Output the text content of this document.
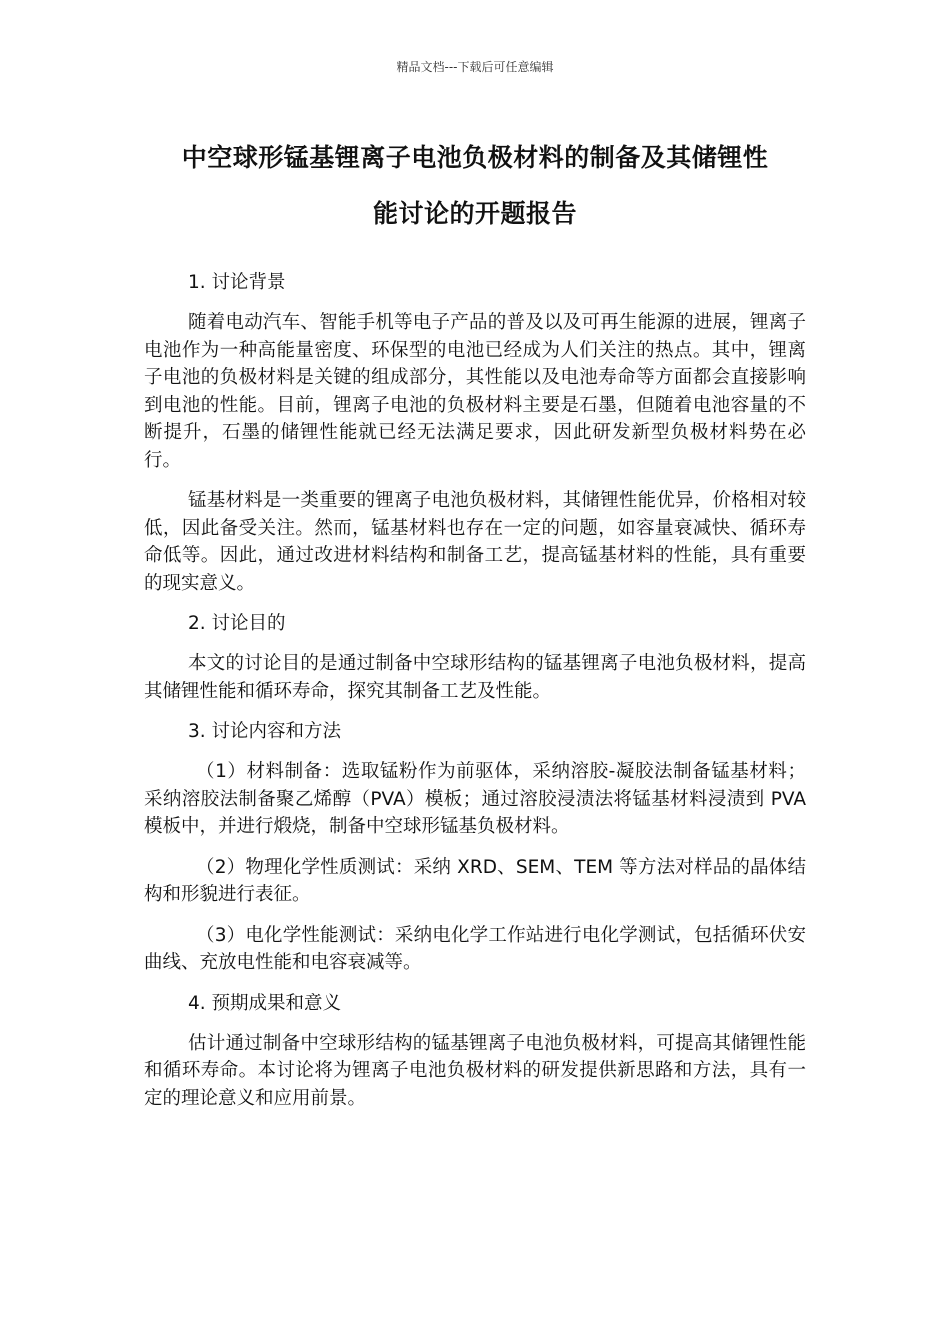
精品文档---下载后可任意编辑
中空球形锰基锂离子电池负极材料的制备及其储锂性
能讨论的开题报告

1. 讨论背景

随着电动汽车、智能手机等电子产品的普及以及可再生能源的进展，锂离子电池作为一种高能量密度、环保型的电池已经成为人们关注的热点。其中，锂离子电池的负极材料是关键的组成部分，其性能以及电池寿命等方面都会直接影响到电池的性能。目前，锂离子电池的负极材料主要是石墨，但随着电池容量的不断提升，石墨的储锂性能就已经无法满足要求，因此研发新型负极材料势在必行。

锰基材料是一类重要的锂离子电池负极材料，其储锂性能优异，价格相对较低，因此备受关注。然而，锰基材料也存在一定的问题，如容量衰减快、循环寿命低等。因此，通过改进材料结构和制备工艺，提高锰基材料的性能，具有重要的现实意义。

2. 讨论目的

本文的讨论目的是通过制备中空球形结构的锰基锂离子电池负极材料，提高其储锂性能和循环寿命，探究其制备工艺及性能。

3. 讨论内容和方法

（1）材料制备：选取锰粉作为前驱体，采纳溶胶-凝胶法制备锰基材料；采纳溶胶法制备聚乙烯醇（PVA）模板；通过溶胶浸渍法将锰基材料浸渍到 PVA 模板中，并进行煅烧，制备中空球形锰基负极材料。

（2）物理化学性质测试：采纳 XRD、SEM、TEM 等方法对样品的晶体结构和形貌进行表征。

（3）电化学性能测试：采纳电化学工作站进行电化学测试，包括循环伏安曲线、充放电性能和电容衰减等。

4. 预期成果和意义

估计通过制备中空球形结构的锰基锂离子电池负极材料，可提高其储锂性能和循环寿命。本讨论将为锂离子电池负极材料的研发提供新思路和方法，具有一定的理论意义和应用前景。
